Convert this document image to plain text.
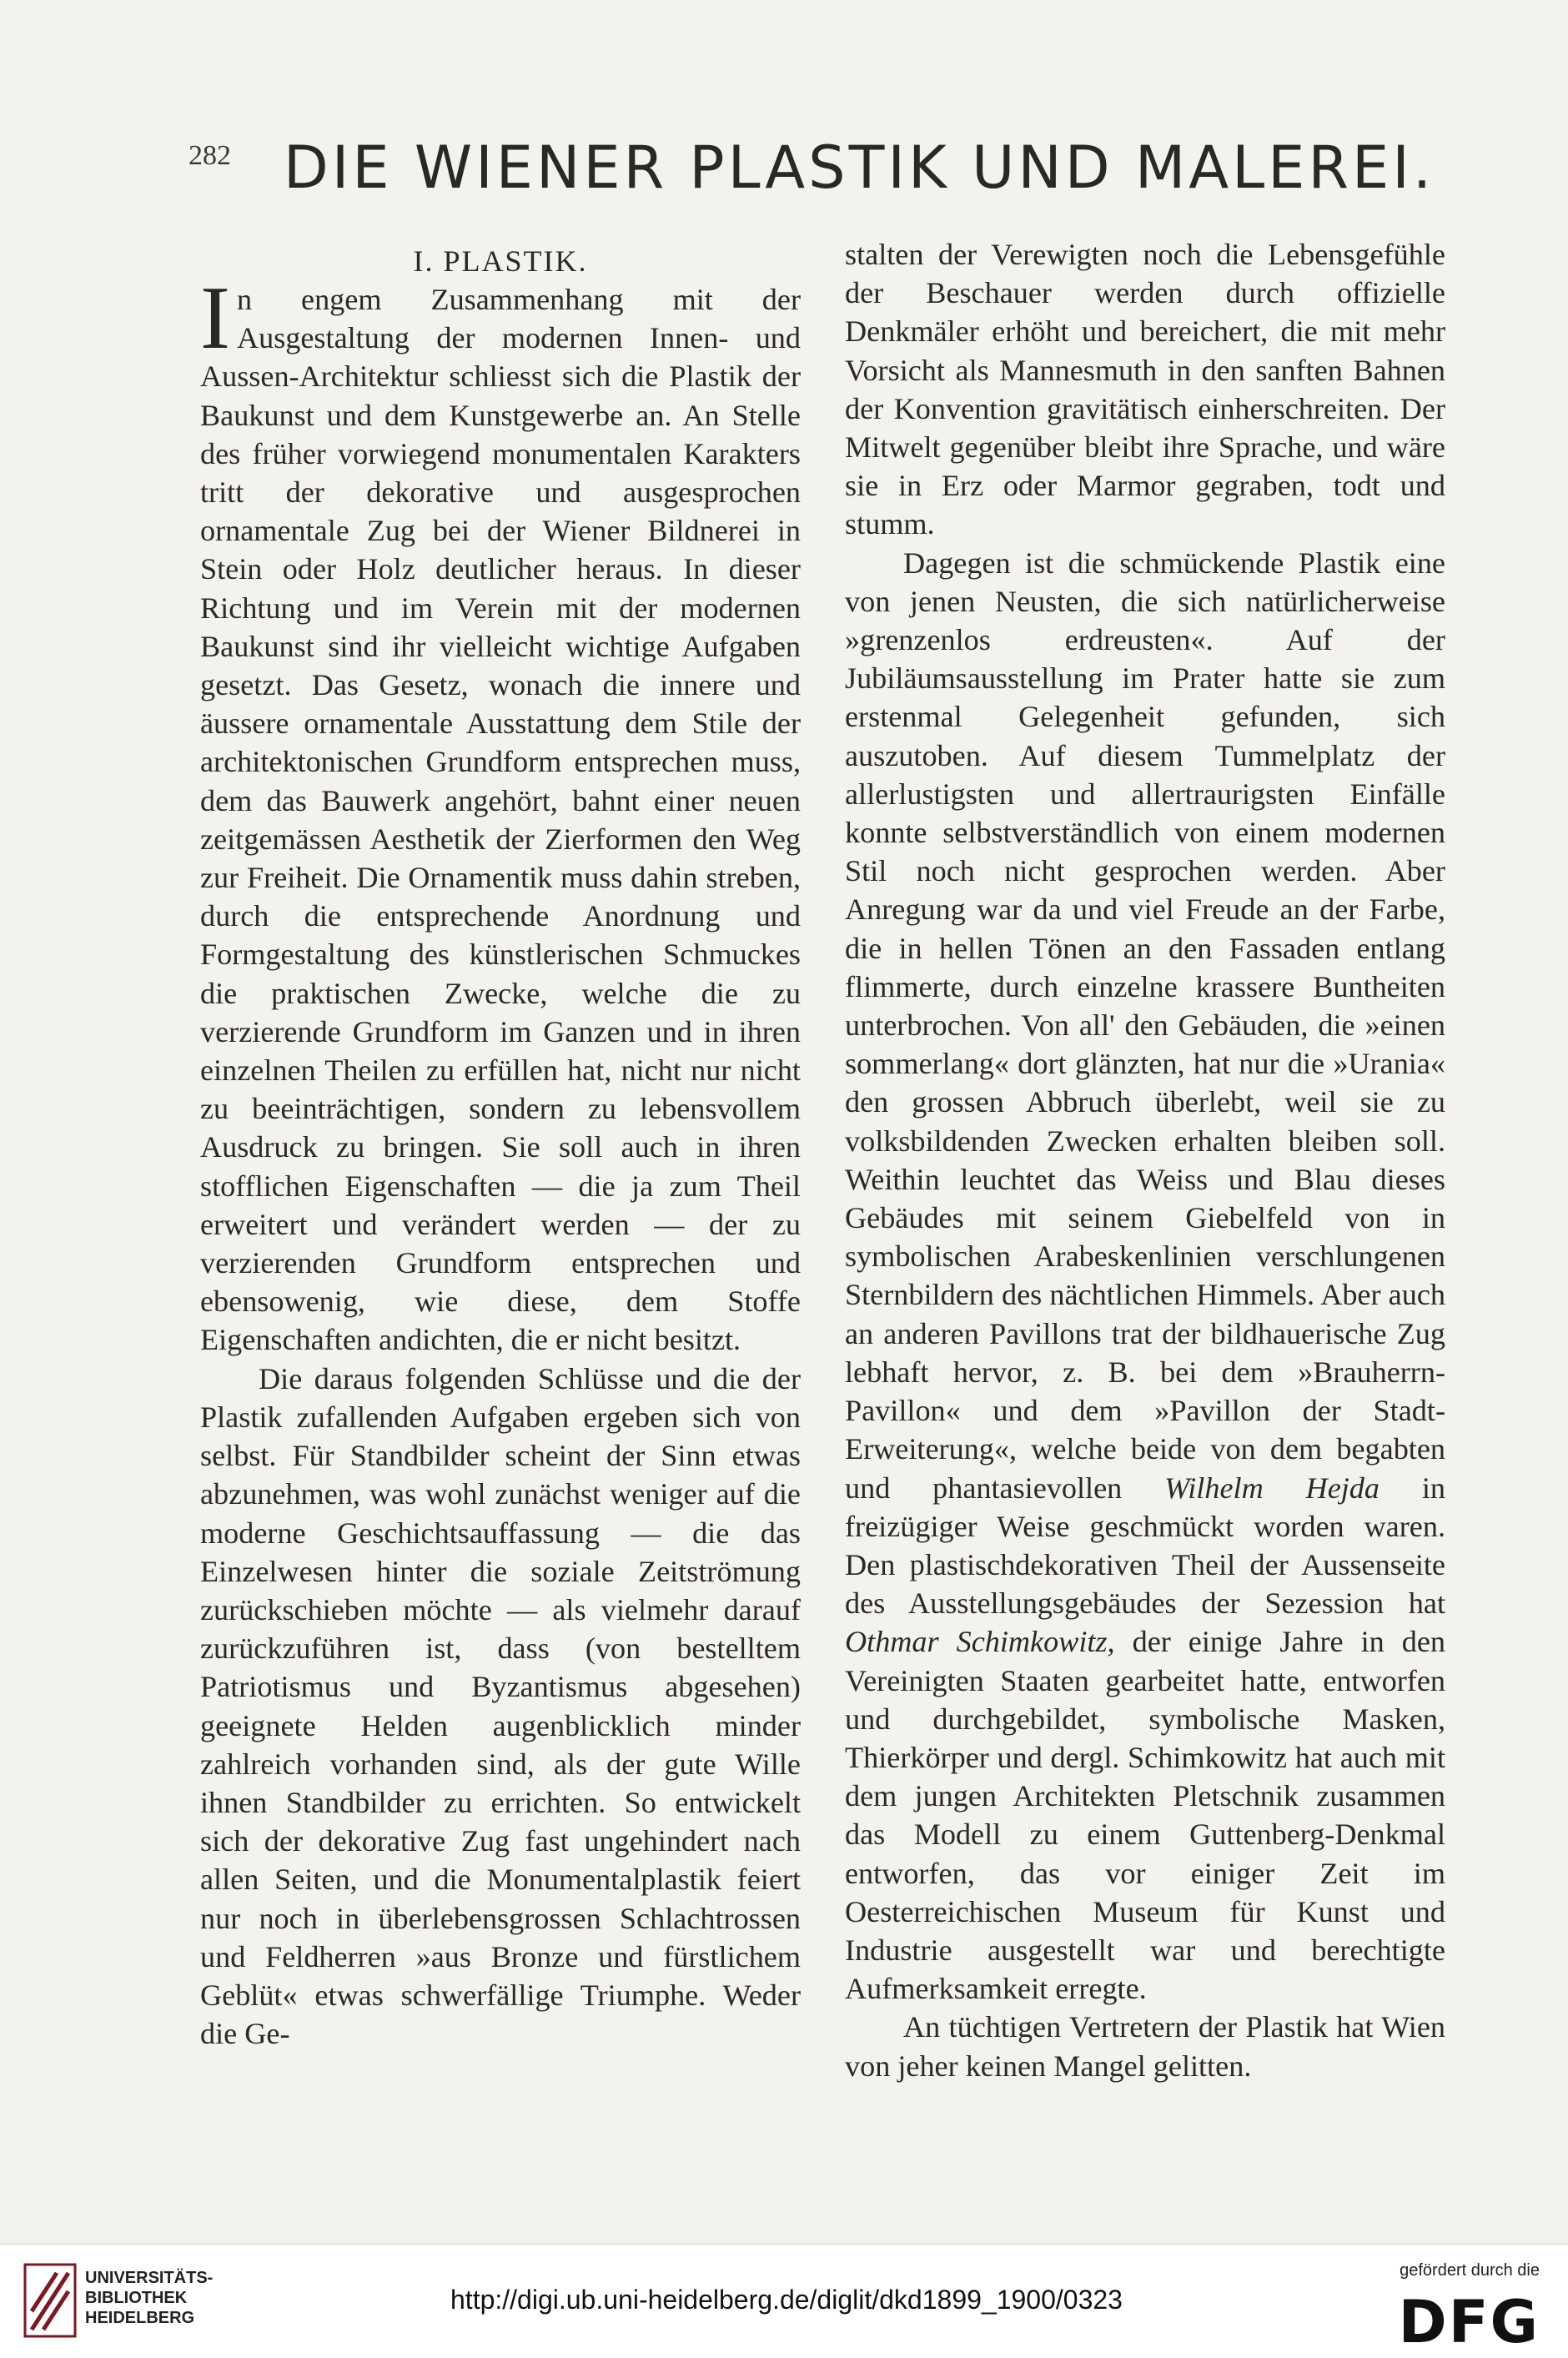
282 DIE WIENER PLASTIK UND MALEREI.

I. PLASTIK.

In engem Zusammenhang mit der Ausgestaltung der modernen Innen- und Aussen-Architektur schliesst sich die Plastik der Baukunst und dem Kunstgewerbe an. An Stelle des früher vorwiegend monumentalen Karakters tritt der dekorative und ausgesprochen ornamentale Zug bei der Wiener Bildnerei in Stein oder Holz deutlicher heraus. In dieser Richtung und im Verein mit der modernen Baukunst sind ihr vielleicht wichtige Aufgaben gesetzt. Das Gesetz, wonach die innere und äussere ornamentale Ausstattung dem Stile der architektonischen Grundform entsprechen muss, dem das Bauwerk angehört, bahnt einer neuen zeitgemässen Aesthetik der Zierformen den Weg zur Freiheit. Die Ornamentik muss dahin streben, durch die entsprechende Anordnung und Formgestaltung des künstlerischen Schmuckes die praktischen Zwecke, welche die zu verzierende Grundform im Ganzen und in ihren einzelnen Theilen zu erfüllen hat, nicht nur nicht zu beeinträchtigen, sondern zu lebensvollem Ausdruck zu bringen. Sie soll auch in ihren stofflichen Eigenschaften — die ja zum Theil erweitert und verändert werden — der zu verzierenden Grundform entsprechen und ebensowenig, wie diese, dem Stoffe Eigenschaften andichten, die er nicht besitzt.

Die daraus folgenden Schlüsse und die der Plastik zufallenden Aufgaben ergeben sich von selbst. Für Standbilder scheint der Sinn etwas abzunehmen, was wohl zunächst weniger auf die moderne Geschichtsauffassung — die das Einzelwesen hinter die soziale Zeitströmung zurückschieben möchte — als vielmehr darauf zurückzuführen ist, dass (von bestelltem Patriotismus und Byzantismus abgesehen) geeignete Helden augenblicklich minder zahlreich vorhanden sind, als der gute Wille ihnen Standbilder zu errichten. So entwickelt sich der dekorative Zug fast ungehindert nach allen Seiten, und die Monumentalplastik feiert nur noch in überlebensgrossen Schlachtrossen und Feldherren »aus Bronze und fürstlichem Geblüt« etwas schwerfällige Triumphe. Weder die Ge-

stalten der Verewigten noch die Lebensgefühle der Beschauer werden durch offizielle Denkmäler erhöht und bereichert, die mit mehr Vorsicht als Mannesmuth in den sanften Bahnen der Konvention gravitätisch einherschreiten. Der Mitwelt gegenüber bleibt ihre Sprache, und wäre sie in Erz oder Marmor gegraben, todt und stumm.

Dagegen ist die schmückende Plastik eine von jenen Neusten, die sich natürlicherweise »grenzenlos erdreusten«. Auf der Jubiläumsausstellung im Prater hatte sie zum erstenmal Gelegenheit gefunden, sich auszutoben. Auf diesem Tummelplatz der allerlustigsten und allertraurigsten Einfälle konnte selbstverständlich von einem modernen Stil noch nicht gesprochen werden. Aber Anregung war da und viel Freude an der Farbe, die in hellen Tönen an den Fassaden entlang flimmerte, durch einzelne krassere Buntheiten unterbrochen. Von all' den Gebäuden, die »einen sommerlang« dort glänzten, hat nur die »Urania« den grossen Abbruch überlebt, weil sie zu volksbildenden Zwecken erhalten bleiben soll. Weithin leuchtet das Weiss und Blau dieses Gebäudes mit seinem Giebelfeld von in symbolischen Arabeskenlinien verschlungenen Sternbildern des nächtlichen Himmels. Aber auch an anderen Pavillons trat der bildhauerische Zug lebhaft hervor, z. B. bei dem »Brauherrn-Pavillon« und dem »Pavillon der Stadt-Erweiterung«, welche beide von dem begabten und phantasievollen Wilhelm Hejda in freizügiger Weise geschmückt worden waren. Den plastischdekorativen Theil der Aussenseite des Ausstellungsgebäudes der Sezession hat Othmar Schimkowitz, der einige Jahre in den Vereinigten Staaten gearbeitet hatte, entworfen und durchgebildet, symbolische Masken, Thierkörper und dergl. Schimkowitz hat auch mit dem jungen Architekten Pletschnik zusammen das Modell zu einem Guttenberg-Denkmal entworfen, das vor einiger Zeit im Oesterreichischen Museum für Kunst und Industrie ausgestellt war und berechtigte Aufmerksamkeit erregte.

An tüchtigen Vertretern der Plastik hat Wien von jeher keinen Mangel gelitten.

UNIVERSITÄTS-
BIBLIOTHEK
HEIDELBERG
http://digi.ub.uni-heidelberg.de/diglit/dkd1899_1900/0323
gefördert durch die
DFG
